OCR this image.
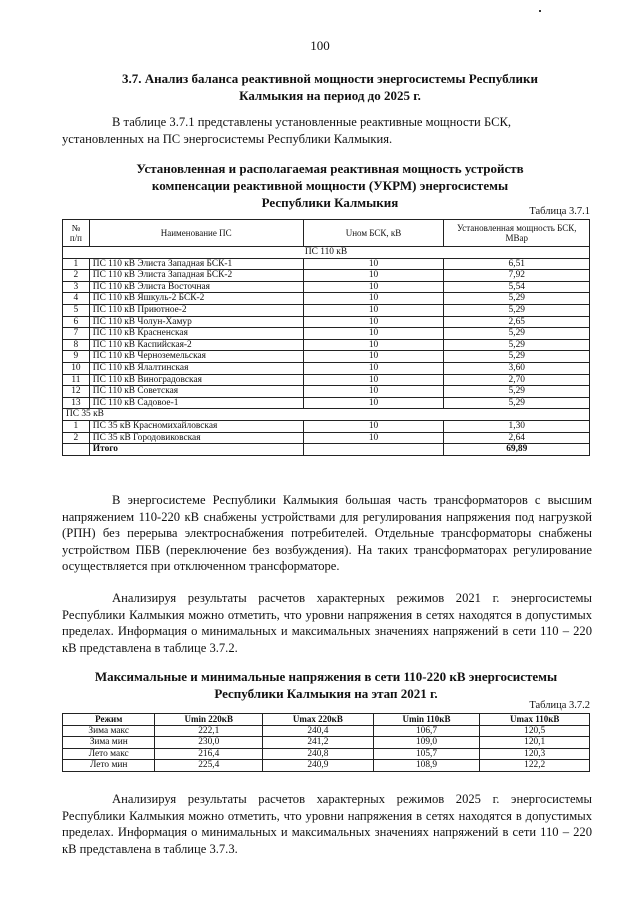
100
3.7. Анализ баланса реактивной мощности энергосистемы Республики
Калмыкия на период до 2025 г.
В таблице 3.7.1 представлены установленные реактивные мощности БСК,
установленных на ПС энергосистемы Республики Калмыкия.
Установленная и располагаемая реактивная мощность устройств
компенсации реактивной мощности (УКРМ) энергосистемы
Республики Калмыкия
Таблица 3.7.1
№
п/п	Наименование ПС	Uном БСК, кВ	Установленная мощность БСК, МВар
ПС 110 кВ			
1	ПС 110 кВ Элиста Западная БСК-1	10	6,51
2	ПС 110 кВ Элиста Западная БСК-2	10	7,92
3	ПС 110 кВ Элиста Восточная	10	5,54
4	ПС 110 кВ Яшкуль-2 БСК-2	10	5,29
5	ПС 110 кВ Приютное-2	10	5,29
6	ПС 110 кВ Чолун-Хамур	10	2,65
7	ПС 110 кВ Красненская	10	5,29
8	ПС 110 кВ Каспийская-2	10	5,29
9	ПС 110 кВ Черноземельская	10	5,29
10	ПС 110 кВ Ялалтинская	10	3,60
11	ПС 110 кВ Виноградовская	10	2,70
12	ПС 110 кВ Советская	10	5,29
13	ПС 110 кВ Садовое-1	10	5,29
ПС 35 кВ			
1	ПС 35 кВ Красномихайловская	10	1,30
2	ПС 35 кВ Городовиковская	10	2,64
	Итого		69,89
В энергосистеме Республики Калмыкия большая часть трансформаторов с высшим напряжением 110-220 кВ снабжены устройствами для регулирования напряжения под нагрузкой (РПН) без перерыва электроснабжения потребителей. Отдельные трансформаторы снабжены устройством ПБВ (переключение без возбуждения). На таких трансформаторах регулирование осуществляется при отключенном трансформаторе.
Анализируя результаты расчетов характерных режимов 2021 г. энергосистемы Республики Калмыкия можно отметить, что уровни напряжения в сетях находятся в допустимых пределах. Информация о минимальных и максимальных значениях напряжений в сети 110 – 220 кВ представлена в таблице 3.7.2.
Максимальные и минимальные напряжения в сети 110-220 кВ энергосистемы
Республики Калмыкия на этап 2021 г.
Таблица 3.7.2
Режим	Umin 220кВ	Umax 220кВ	Umin 110кВ	Umax 110кВ
Зима макс	222,1	240,4	106,7	120,5
Зима мин	230,0	241,2	109,0	120,1
Лето макс	216,4	240,8	105,7	120,3
Лето мин	225,4	240,9	108,9	122,2
Анализируя результаты расчетов характерных режимов 2025 г. энергосистемы Республики Калмыкия можно отметить, что уровни напряжения в сетях находятся в допустимых пределах. Информация о минимальных и максимальных значениях напряжений в сети 110 – 220 кВ представлена в таблице 3.7.3.
